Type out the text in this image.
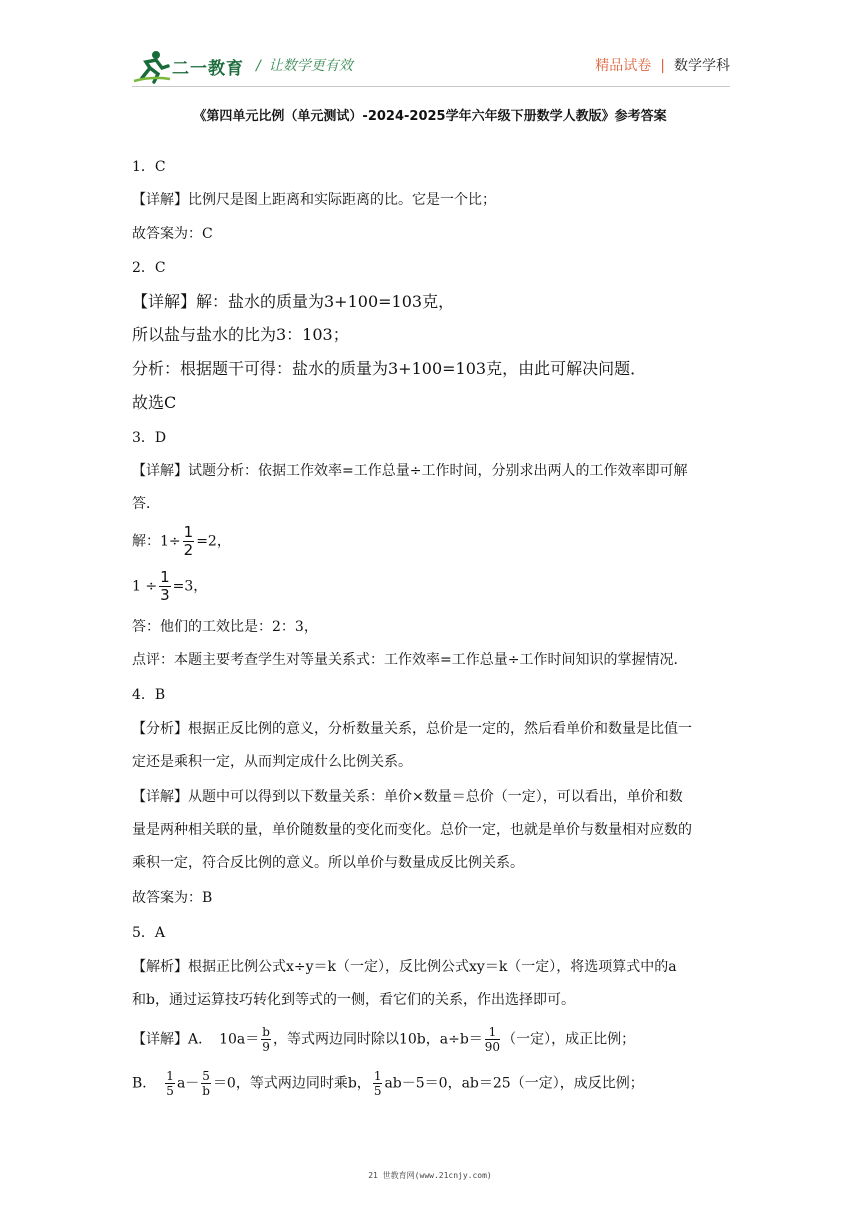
二一教育 / 让数学更有效	精品试卷 | 数学学科
《第四单元比例（单元测试）-2024-2025学年六年级下册数学人教版》参考答案
1．C
【详解】比例尺是图上距离和实际距离的比。它是一个比；
故答案为：C
2．C
【详解】解：盐水的质量为3+100=103克，
所以盐与盐水的比为3：103；
分析：根据题干可得：盐水的质量为3+100=103克，由此可解决问题．
故选C
3．D
【详解】试题分析：依据工作效率=工作总量÷工作时间，分别求出两人的工作效率即可解
答．
解：$1\div \frac{1}{2} =2$，
$1 \div \frac{1}{3} =3$，
答：他们的工效比是：2：3，
点评：本题主要考查学生对等量关系式：工作效率=工作总量÷工作时间知识的掌握情况．
4．B
【分析】根据正反比例的意义，分析数量关系，总价是一定的，然后看单价和数量是比值一
定还是乘积一定，从而判定成什么比例关系。
【详解】从题中可以得到以下数量关系：单价×数量＝总价（一定），可以看出，单价和数
量是两种相关联的量，单价随数量的变化而变化。总价一定，也就是单价与数量相对应数的
乘积一定，符合反比例的意义。所以单价与数量成反比例关系。
故答案为：B
5．A
【解析】根据正比例公式x÷y＝k（一定），反比例公式xy＝k（一定），将选项算式中的a
和b，通过运算技巧转化到等式的一侧，看它们的关系，作出选择即可。
【详解】A．　$10a= \frac{b}{9}$ ，等式两边同时除以10b，$a\div b= \frac{1}{90}$ （一定），成正比例；
B．　 $\frac{1}{5} a- \frac{5}{b} =0$，等式两边同时乘b， $\frac{1}{5} ab-5=0$，ab＝25（一定），成反比例；
21 世教育网(www.21cnjy.com)
